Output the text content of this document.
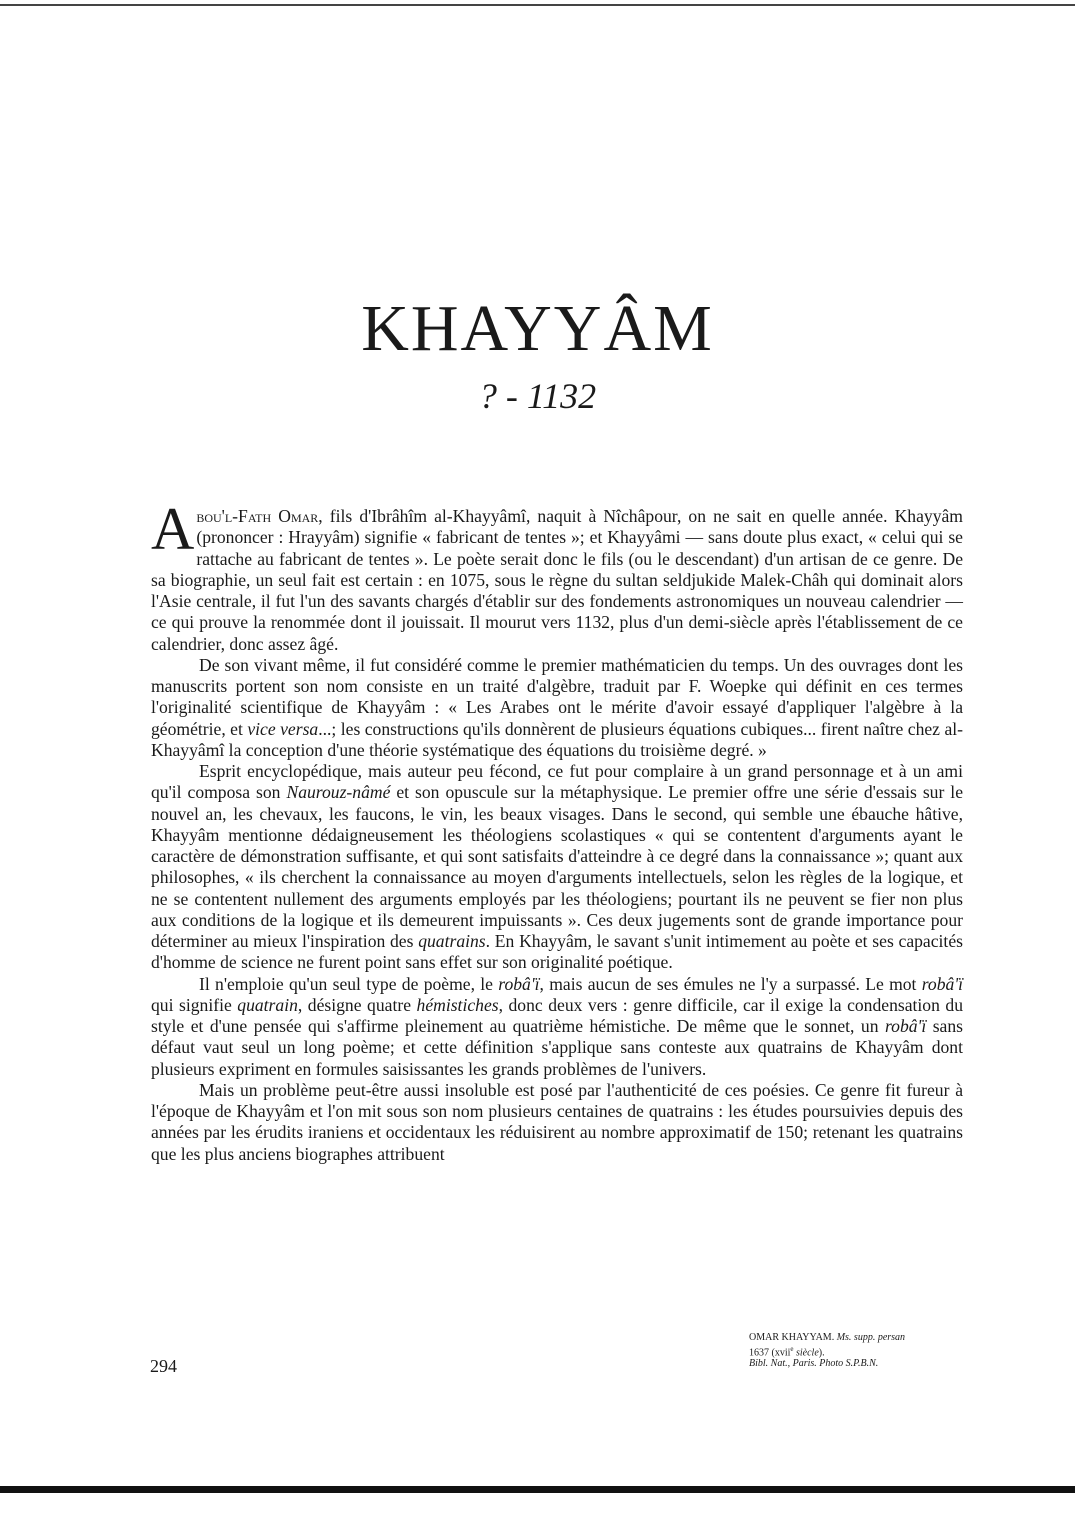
KHAYYÂM
? - 1132

Abou'l-Fath Omar, fils d'Ibrâhîm al-Khayyâmî, naquit à Nîchâpour, on ne sait en quelle année. Khayyâm (prononcer : Hrayyâm) signifie « fabricant de tentes »; et Khayyâmi — sans doute plus exact, « celui qui se rattache au fabricant de tentes ». Le poète serait donc le fils (ou le descendant) d'un artisan de ce genre. De sa biographie, un seul fait est certain : en 1075, sous le règne du sultan seldjukide Malek-Châh qui dominait alors l'Asie centrale, il fut l'un des savants chargés d'établir sur des fondements astronomiques un nouveau calendrier — ce qui prouve la renommée dont il jouissait. Il mourut vers 1132, plus d'un demi-siècle après l'établissement de ce calendrier, donc assez âgé.

De son vivant même, il fut considéré comme le premier mathématicien du temps. Un des ouvrages dont les manuscrits portent son nom consiste en un traité d'algèbre, traduit par F. Woepke qui définit en ces termes l'originalité scientifique de Khayyâm : « Les Arabes ont le mérite d'avoir essayé d'appliquer l'algèbre à la géométrie, et vice versa...; les constructions qu'ils donnèrent de plusieurs équations cubiques... firent naître chez al-Khayyâmî la conception d'une théorie systématique des équations du troisième degré. »

Esprit encyclopédique, mais auteur peu fécond, ce fut pour complaire à un grand personnage et à un ami qu'il composa son Naurouz-nâmé et son opuscule sur la métaphysique. Le premier offre une série d'essais sur le nouvel an, les chevaux, les faucons, le vin, les beaux visages. Dans le second, qui semble une ébauche hâtive, Khayyâm mentionne dédaigneusement les théologiens scolastiques « qui se contentent d'arguments ayant le caractère de démonstration suffisante, et qui sont satisfaits d'atteindre à ce degré dans la connaissance »; quant aux philosophes, « ils cherchent la connaissance au moyen d'arguments intellectuels, selon les règles de la logique, et ne se contentent nullement des arguments employés par les théologiens; pourtant ils ne peuvent se fier non plus aux conditions de la logique et ils demeurent impuissants ». Ces deux jugements sont de grande importance pour déterminer au mieux l'inspiration des quatrains. En Khayyâm, le savant s'unit intimement au poète et ses capacités d'homme de science ne furent point sans effet sur son originalité poétique.

Il n'emploie qu'un seul type de poème, le robâ'ï, mais aucun de ses émules ne l'y a surpassé. Le mot robâ'ï qui signifie quatrain, désigne quatre hémistiches, donc deux vers : genre difficile, car il exige la condensation du style et d'une pensée qui s'affirme pleinement au quatrième hémistiche. De même que le sonnet, un robâ'ï sans défaut vaut seul un long poème; et cette définition s'applique sans conteste aux quatrains de Khayyâm dont plusieurs expriment en formules saisissantes les grands problèmes de l'univers.

Mais un problème peut-être aussi insoluble est posé par l'authenticité de ces poésies. Ce genre fit fureur à l'époque de Khayyâm et l'on mit sous son nom plusieurs centaines de quatrains : les études poursuivies depuis des années par les érudits iraniens et occidentaux les réduisirent au nombre approximatif de 150; retenant les quatrains que les plus anciens biographes attribuent

294
OMAR KHAYYAM. Ms. supp. persan
1637 (xvii$^e$ siècle).
Bibl. Nat., Paris. Photo S.P.B.N.
